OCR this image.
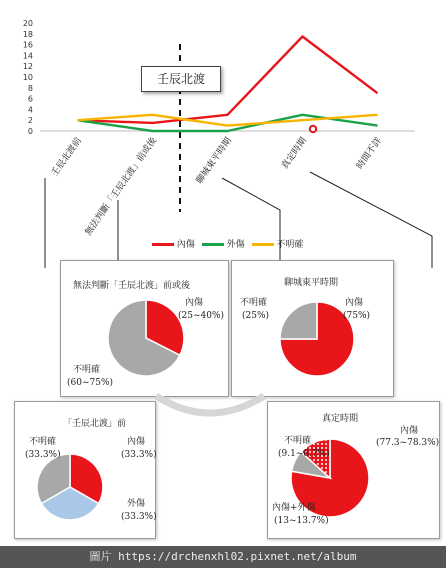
0
2
4
6
8
10
12
14
16
18
20
壬辰北渡前 無法判斷「壬辰北渡」前或後	聊城東平時期	真定時期	時間不詳
壬辰北渡
內傷	外傷	不明確
無法判斷「壬辰北渡」前或後
內傷
(25~40%)
不明確
(60~75%)
聊城東平時期
不明確
(25%)
內傷
(75%)
「壬辰北渡」前
不明確
(33.3%)
內傷
(33.3%)
外傷
(33.3%)
真定時期
內傷
(77.3~78.3%)
不明確
(9.1~8.7%)
內傷+外傷
(13~13.7%)
圖片 https://drchenxhl02.pixnet.net/album
